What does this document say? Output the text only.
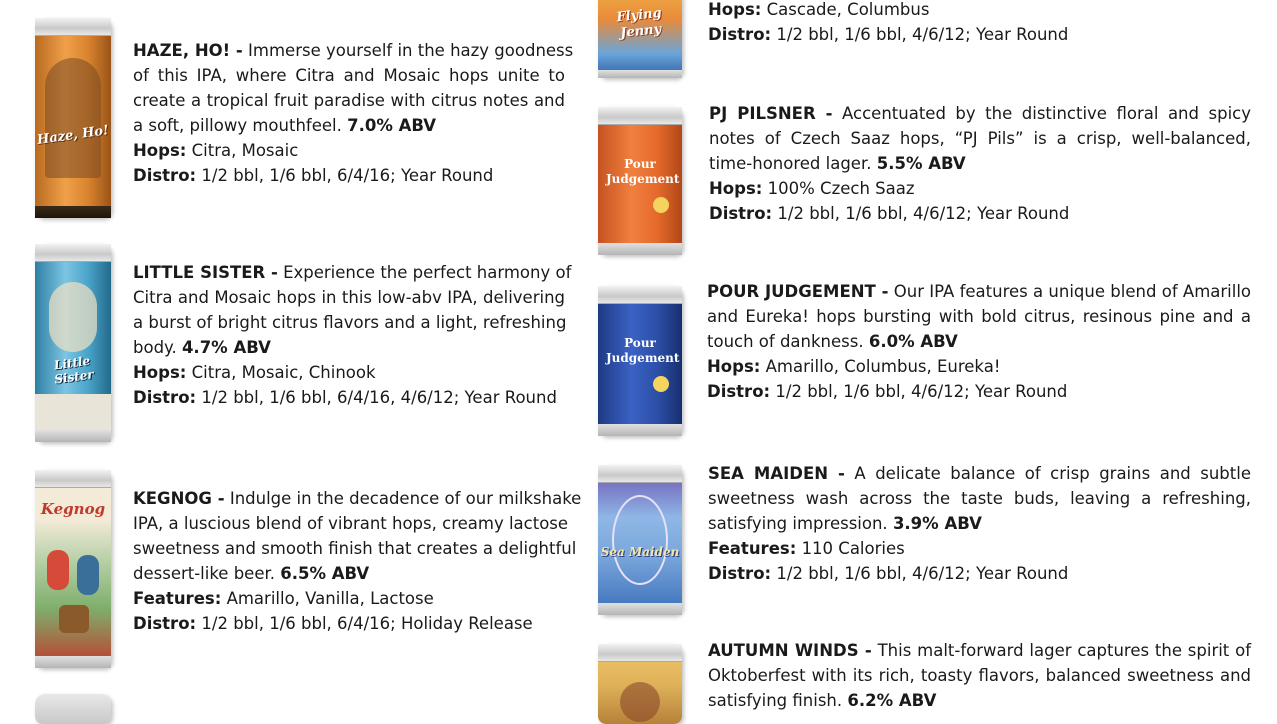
Haze, Ho!
HAZE, HO! - Immerse yourself in the hazy goodness
of this IPA, where Citra and Mosaic hops unite to
create a tropical fruit paradise with citrus notes and
a soft, pillowy mouthfeel. 7.0% ABV
Hops: Citra, Mosaic
Distro: 1/2 bbl, 1/6 bbl, 6/4/16; Year Round
Little Sister
LITTLE SISTER - Experience the perfect harmony of
Citra and Mosaic hops in this low-abv IPA, delivering
a burst of bright citrus flavors and a light, refreshing
body. 4.7% ABV
Hops: Citra, Mosaic, Chinook
Distro: 1/2 bbl, 1/6 bbl, 6/4/16, 4/6/12; Year Round
Kegnog
KEGNOG - Indulge in the decadence of our milkshake
IPA, a luscious blend of vibrant hops, creamy lactose
sweetness and smooth finish that creates a delightful
dessert-like beer. 6.5% ABV
Features: Amarillo, Vanilla, Lactose
Distro: 1/2 bbl, 1/6 bbl, 6/4/16; Holiday Release
Flying Jenny
Hops: Cascade, Columbus
Distro: 1/2 bbl, 1/6 bbl, 4/6/12; Year Round
Pour Judgement
PJ PILSNER - Accentuated by the distinctive floral and spicy
notes of Czech Saaz hops, “PJ Pils” is a crisp, well-balanced,
time-honored lager. 5.5% ABV
Hops: 100% Czech Saaz
Distro: 1/2 bbl, 1/6 bbl, 4/6/12; Year Round
Pour Judgement
POUR JUDGEMENT - Our IPA features a unique blend of Amarillo
and Eureka! hops bursting with bold citrus, resinous pine and a
touch of dankness. 6.0% ABV
Hops: Amarillo, Columbus, Eureka!
Distro: 1/2 bbl, 1/6 bbl, 4/6/12; Year Round
Sea Maiden
SEA MAIDEN - A delicate balance of crisp grains and subtle
sweetness wash across the taste buds, leaving a refreshing,
satisfying impression. 3.9% ABV
Features: 110 Calories
Distro: 1/2 bbl, 1/6 bbl, 4/6/12; Year Round
AUTUMN WINDS - This malt-forward lager captures the spirit of
Oktoberfest with its rich, toasty flavors, balanced sweetness and
satisfying finish. 6.2% ABV
